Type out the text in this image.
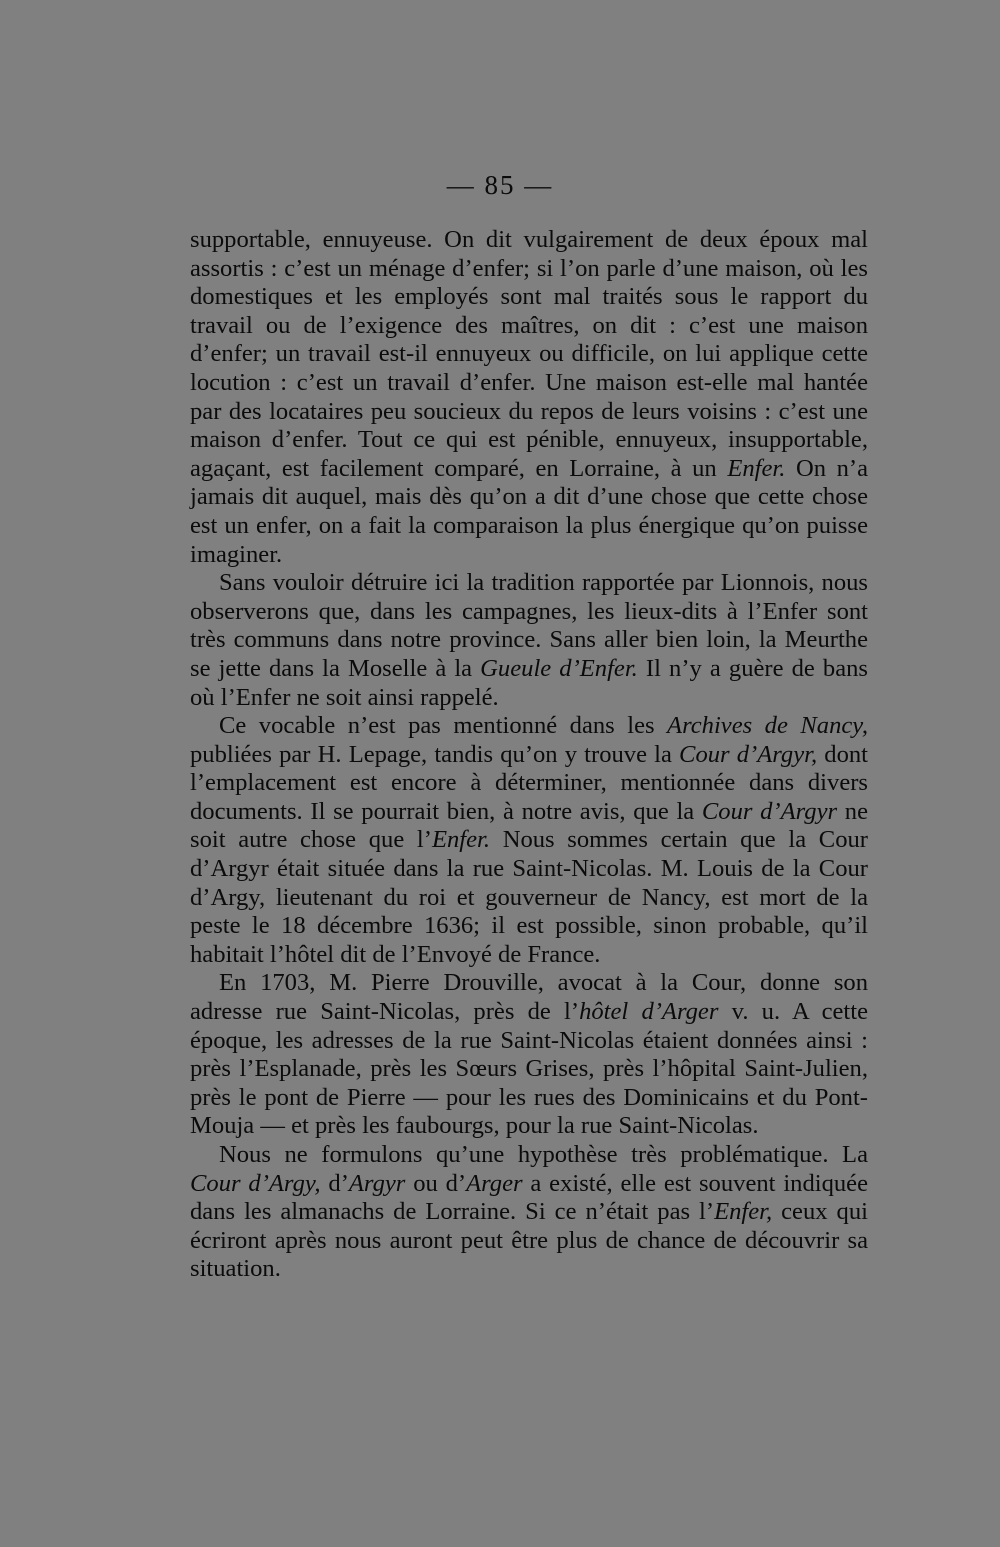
— 85 —

supportable, ennuyeuse. On dit vulgairement de deux époux mal assortis : c’est un ménage d’enfer; si l’on parle d’une maison, où les domestiques et les employés sont mal traités sous le rapport du travail ou de l’exigence des maîtres, on dit : c’est une maison d’enfer; un travail est-il ennuyeux ou difficile, on lui applique cette locution : c’est un travail d’enfer. Une maison est-elle mal hantée par des locataires peu soucieux du repos de leurs voisins : c’est une maison d’enfer. Tout ce qui est pénible, ennuyeux, insupportable, agaçant, est facilement comparé, en Lorraine, à un Enfer. On n’a jamais dit auquel, mais dès qu’on a dit d’une chose que cette chose est un enfer, on a fait la comparaison la plus énergique qu’on puisse imaginer.

Sans vouloir détruire ici la tradition rapportée par Lionnois, nous observerons que, dans les campagnes, les lieux-dits à l’Enfer sont très communs dans notre province. Sans aller bien loin, la Meurthe se jette dans la Moselle à la Gueule d’Enfer. Il n’y a guère de bans où l’Enfer ne soit ainsi rappelé.

Ce vocable n’est pas mentionné dans les Archives de Nancy, publiées par H. Lepage, tandis qu’on y trouve la Cour d’Argyr, dont l’emplacement est encore à déterminer, mentionnée dans divers documents. Il se pourrait bien, à notre avis, que la Cour d’Argyr ne soit autre chose que l’Enfer. Nous sommes certain que la Cour d’Argyr était située dans la rue Saint-Nicolas. M. Louis de la Cour d’Argy, lieutenant du roi et gouverneur de Nancy, est mort de la peste le 18 décembre 1636; il est possible, sinon probable, qu’il habitait l’hôtel dit de l’Envoyé de France.

En 1703, M. Pierre Drouville, avocat à la Cour, donne son adresse rue Saint-Nicolas, près de l’hôtel d’Arger v. u. A cette époque, les adresses de la rue Saint-Nicolas étaient données ainsi : près l’Esplanade, près les Sœurs Grises, près l’hôpital Saint-Julien, près le pont de Pierre — pour les rues des Dominicains et du Pont-Mouja — et près les faubourgs, pour la rue Saint-Nicolas.

Nous ne formulons qu’une hypothèse très problématique. La Cour d’Argy, d’Argyr ou d’Arger a existé, elle est souvent indiquée dans les almanachs de Lorraine. Si ce n’était pas l’Enfer, ceux qui écriront après nous auront peut être plus de chance de découvrir sa situation.
